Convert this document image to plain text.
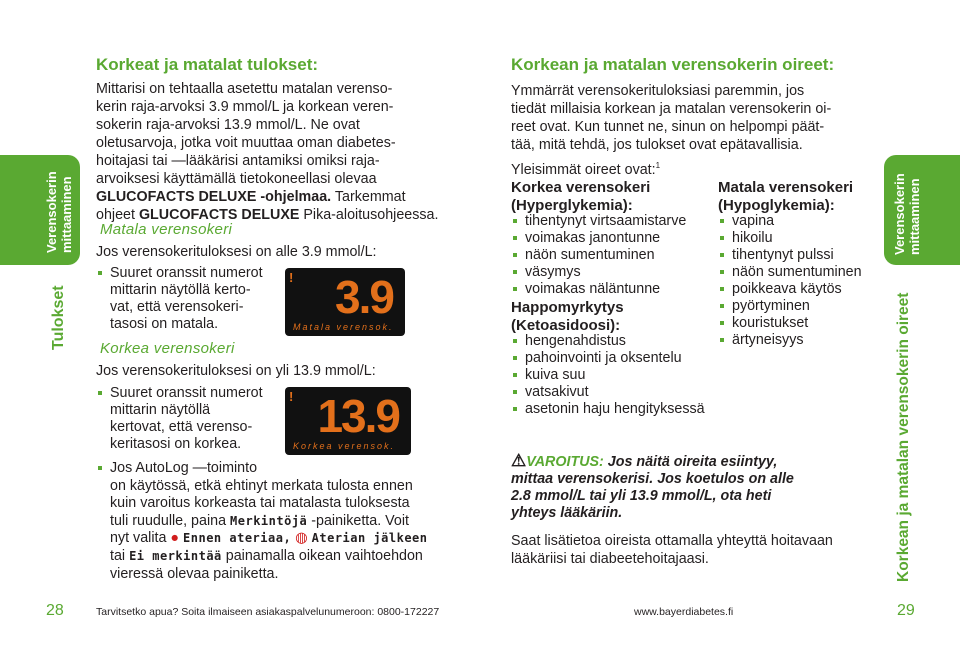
Verensokerin mittaaminen
Tulokset
Verensokerin mittaaminen
Korkean ja matalan verensokerin oireet
Korkeat ja matalat tulokset:
Mittarisi on tehtaalla asetettu matalan verenso-
kerin raja-arvoksi 3.9 mmol/L ja korkean veren-
sokerin raja-arvoksi 13.9 mmol/L. Ne ovat
oletusarvoja, jotka voit muuttaa oman diabetes-
hoitajasi tai —lääkärisi antamiksi omiksi raja-
arvoiksesi käyttämällä tietokoneellasi olevaa
GLUCOFACTS DELUXE -ohjelmaa. Tarkemmat
ohjeet GLUCOFACTS DELUXE Pika-aloitusohjeessa.
Matala verensokeri
Jos verensokerituloksesi on alle 3.9 mmol/L:
Suuret oranssit numerot
mittarin näytöllä kerto-
vat, että verensokeri-
tasosi on matala.
! 3.9
Matala verensok.
Korkea verensokeri
Jos verensokerituloksesi on yli 13.9 mmol/L:
Suuret oranssit numerot
mittarin näytöllä
kertovat, että verenso-
keritasosi on korkea.
! 13.9
Korkea verensok.
Jos AutoLog —toiminto
on käytössä, etkä ehtinyt merkata tulosta ennen
kuin varoitus korkeasta tai matalasta tuloksesta
tuli ruudulle, paina Merkintöjä -painiketta. Voit
nyt valita ● Ennen ateriaa, ◍ Aterian jälkeen
tai Ei merkintää painamalla oikean vaihtoehdon
vieressä olevaa painiketta.
Korkean ja matalan verensokerin oireet:
Ymmärrät verensokerituloksiasi paremmin, jos
tiedät millaisia korkean ja matalan verensokerin oi-
reet ovat. Kun tunnet ne, sinun on helpompi päät-
tää, mitä tehdä, jos tulokset ovat epätavallisia.
Yleisimmät oireet ovat:$^1$
Korkea verensokeri
(Hyperglykemia):
tihentynyt virtsaamistarve
voimakas janontunne
näön sumentuminen
väsymys
voimakas näläntunne
Happomyrkytys
(Ketoasidoosi):
hengenahdistus
pahoinvointi ja oksentelu
kuiva suu
vatsakivut
asetonin haju hengityksessä
Matala verensokeri
(Hypoglykemia):
vapina
hikoilu
tihentynyt pulssi
näön sumentuminen
poikkeava käytös
pyörtyminen
kouristukset
ärtyneisyys
⚠VAROITUS: Jos näitä oireita esiintyy,
mittaa verensokerisi. Jos koetulos on alle
2.8 mmol/L tai yli 13.9 mmol/L, ota heti
yhteys lääkäriin.
Saat lisätietoa oireista ottamalla yhteyttä hoitavaan
lääkäriisi tai diabeetehoitajaasi.
28	Tarvitsetko apua? Soita ilmaiseen asiakaspalvelunumeroon: 0800-172227	www.bayerdiabetes.fi	29
